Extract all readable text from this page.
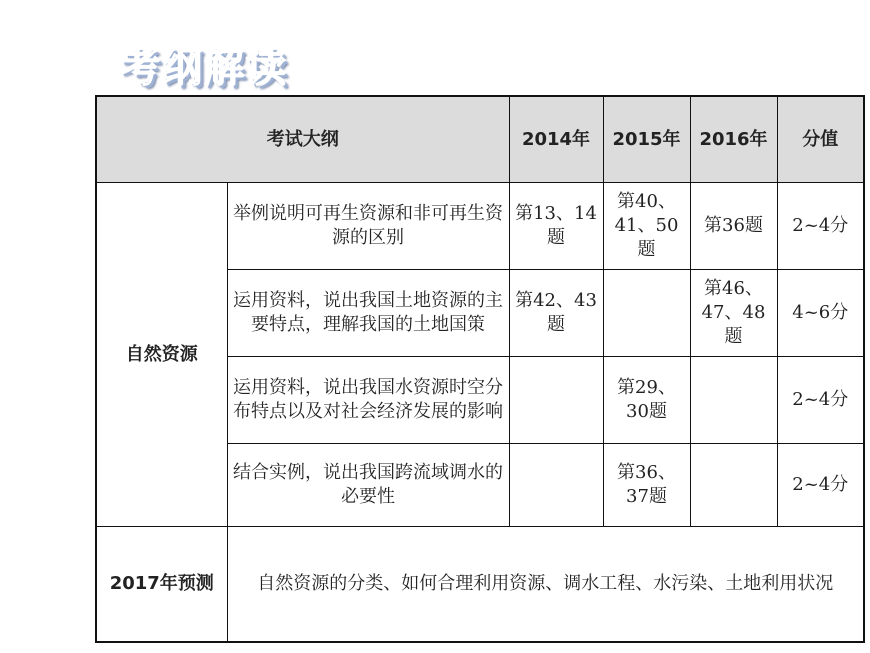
考纲解读
考试大纲		2014年	2015年	2016年	分值
自然资源	举例说明可再生资源和非可再生资源的区别	第13、14题	第40、41、50题	第36题	2~4分
	运用资料，说出我国土地资源的主要特点，理解我国的土地国策	第42、43题		第46、47、48题	4~6分
	运用资料，说出我国水资源时空分布特点以及对社会经济发展的影响		第29、30题		2~4分
	结合实例，说出我国跨流域调水的必要性		第36、37题		2~4分
2017年预测	自然资源的分类、如何合理利用资源、调水工程、水污染、土地利用状况				
